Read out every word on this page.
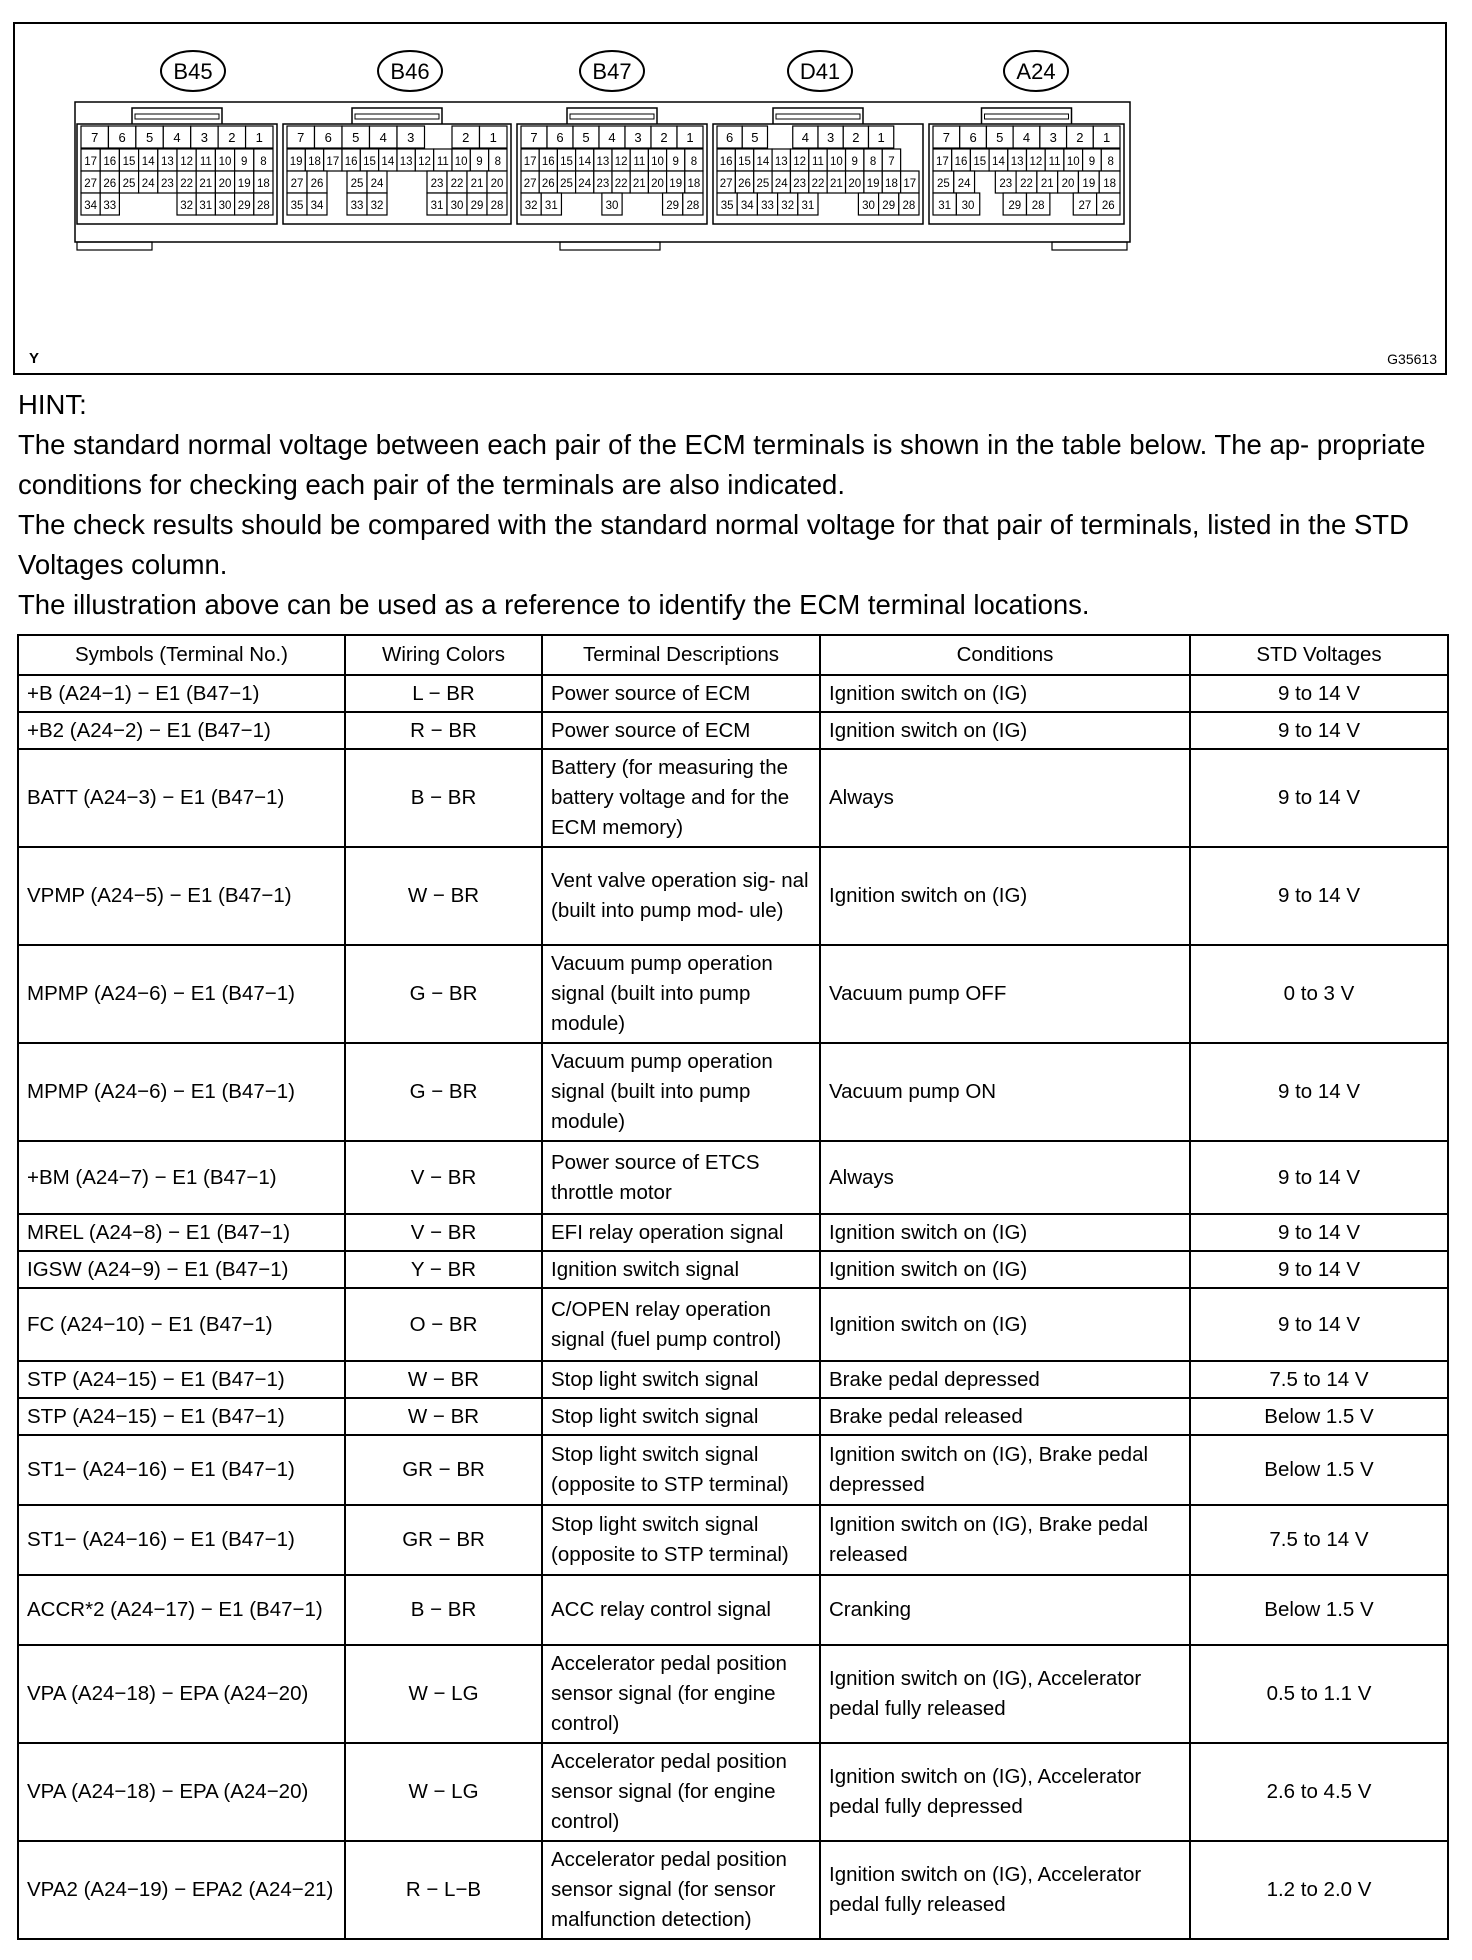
B45
7 6 5 4 3 2 1
17 16 15 14 13 12 11 10 9 8
27 26 25 24 23 22 21 20 19 18
34 33	32 31 30 29 28
B46
7 6 5 4 3	2 1
19 18 17 16 15 14 13 12 11 10 9 8
27 26 25 24	23 22 21 20
35 34 33 32	31 30 29 28
B47
7 6 5 4 3 2 1
17 16 15 14 13 12 11 10 9 8
27 26 25 24 23 22 21 20 19 18
32 31	30	29 28
D41
6 5	4 3 2 1
16 15 14 13 12 11 10 9 8 7
27 26 25 24 23 22 21 20 19 18 17
35 34 33 32 31	30 29 28
A24
7 6 5 4 3 2 1
17 16 15 14 13 12 11 10 9 8
25 24	23 22 21 20 19 18
31 30	29 28	27 26
Y	G35613

HINT:

The standard normal voltage between each pair of the ECM terminals is shown in the table below. The ap- propriate conditions for checking each pair of the terminals are also indicated.

The check results should be compared with the standard normal voltage for that pair of terminals, listed in the STD Voltages column.

The illustration above can be used as a reference to identify the ECM terminal locations.

Symbols (Terminal No.)	Wiring Colors	Terminal Descriptions	Conditions	STD Voltages
+B (A24−1) − E1 (B47−1)	L − BR	Power source of ECM	Ignition switch on (IG)	9 to 14 V
+B2 (A24−2) − E1 (B47−1)	R − BR	Power source of ECM	Ignition switch on (IG)	9 to 14 V
BATT (A24−3) − E1 (B47−1)	B − BR	Battery (for measuring the battery voltage and for the ECM memory)	Always	9 to 14 V
VPMP (A24−5) − E1 (B47−1)	W − BR	Vent valve operation sig- nal (built into pump mod- ule)	Ignition switch on (IG)	9 to 14 V
MPMP (A24−6) − E1 (B47−1)	G − BR	Vacuum pump operation signal (built into pump module)	Vacuum pump OFF	0 to 3 V
MPMP (A24−6) − E1 (B47−1)	G − BR	Vacuum pump operation signal (built into pump module)	Vacuum pump ON	9 to 14 V
+BM (A24−7) − E1 (B47−1)	V − BR	Power source of ETCS throttle motor	Always	9 to 14 V
MREL (A24−8) − E1 (B47−1)	V − BR	EFI relay operation signal	Ignition switch on (IG)	9 to 14 V
IGSW (A24−9) − E1 (B47−1)	Y − BR	Ignition switch signal	Ignition switch on (IG)	9 to 14 V
FC (A24−10) − E1 (B47−1)	O − BR	C/OPEN relay operation signal (fuel pump control)	Ignition switch on (IG)	9 to 14 V
STP (A24−15) − E1 (B47−1)	W − BR	Stop light switch signal	Brake pedal depressed	7.5 to 14 V
STP (A24−15) − E1 (B47−1)	W − BR	Stop light switch signal	Brake pedal released	Below 1.5 V
ST1− (A24−16) − E1 (B47−1)	GR − BR	Stop light switch signal (opposite to STP terminal)	Ignition switch on (IG), Brake pedal depressed	Below 1.5 V
ST1− (A24−16) − E1 (B47−1)	GR − BR	Stop light switch signal (opposite to STP terminal)	Ignition switch on (IG), Brake pedal released	7.5 to 14 V
ACCR*2 (A24−17) − E1 (B47−1)	B − BR	ACC relay control signal	Cranking	Below 1.5 V
VPA (A24−18) − EPA (A24−20)	W − LG	Accelerator pedal position sensor signal (for engine control)	Ignition switch on (IG), Accelerator pedal fully released	0.5 to 1.1 V
VPA (A24−18) − EPA (A24−20)	W − LG	Accelerator pedal position sensor signal (for engine control)	Ignition switch on (IG), Accelerator pedal fully depressed	2.6 to 4.5 V
VPA2 (A24−19) − EPA2 (A24−21)	R − L−B	Accelerator pedal position sensor signal (for sensor malfunction detection)	Ignition switch on (IG), Accelerator pedal fully released	1.2 to 2.0 V
